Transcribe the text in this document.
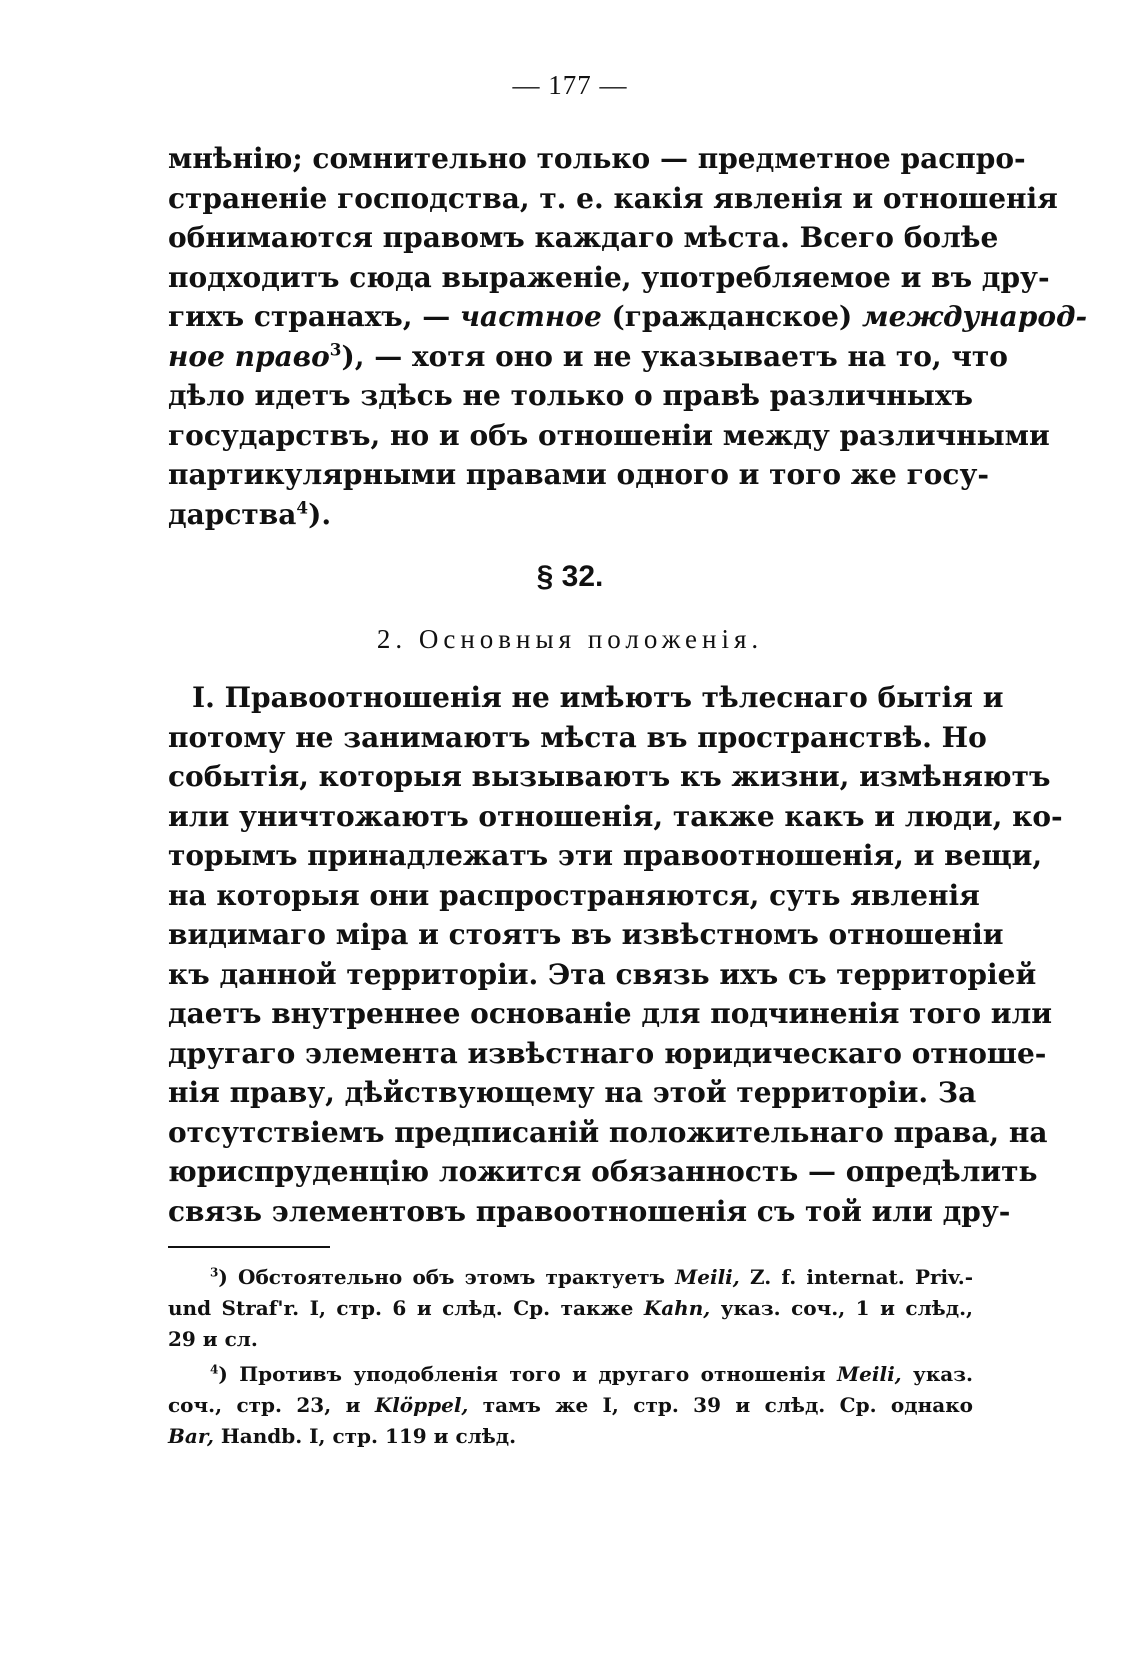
— 177 —
мнѣнію; сомнительно только — предметное распро-
страненіе господства, т. е. какія явленія и отношенія
обнимаются правомъ каждаго мѣста. Всего болѣе
подходитъ сюда выраженіе, употребляемое и въ дру-
гихъ странахъ, — частное (гражданское) международ-
ное право$^3$), — хотя оно и не указываетъ на то, что
дѣло идетъ здѣсь не только о правѣ различныхъ
государствъ, но и объ отношеніи между различными
партикулярными правами одного и того же госу-
дарства$^4$).
§ 32.
2. Основныя положенія.
I. Правоотношенія не имѣютъ тѣлеснаго бытія и
потому не занимаютъ мѣста въ пространствѣ. Но
событія, которыя вызываютъ къ жизни, измѣняютъ
или уничтожаютъ отношенія, также какъ и люди, ко-
торымъ принадлежатъ эти правоотношенія, и вещи,
на которыя они распространяются, суть явленія
видимаго міра и стоятъ въ извѣстномъ отношеніи
къ данной территоріи. Эта связь ихъ съ территоріей
даетъ внутреннее основаніе для подчиненія того или
другаго элемента извѣстнаго юридическаго отноше-
нія праву, дѣйствующему на этой территоріи. За
отсутствіемъ предписаній положительнаго права, на
юриспруденцію ложится обязанность — опредѣлить
связь элементовъ правоотношенія съ той или дру-
$^3$) Обстоятельно объ этомъ трактуетъ Meili, Z. f. internat. Priv.-
und Straf'r. I, стр. 6 и слѣд. Ср. также Kahn, указ. соч., 1 и слѣд.,
29 и сл.
$^4$) Противъ уподобленія того и другаго отношенія Meili, указ.
соч., стр. 23, и Klöppel, тамъ же I, стр. 39 и слѣд. Ср. однако
Bar, Handb. I, стр. 119 и слѣд.
